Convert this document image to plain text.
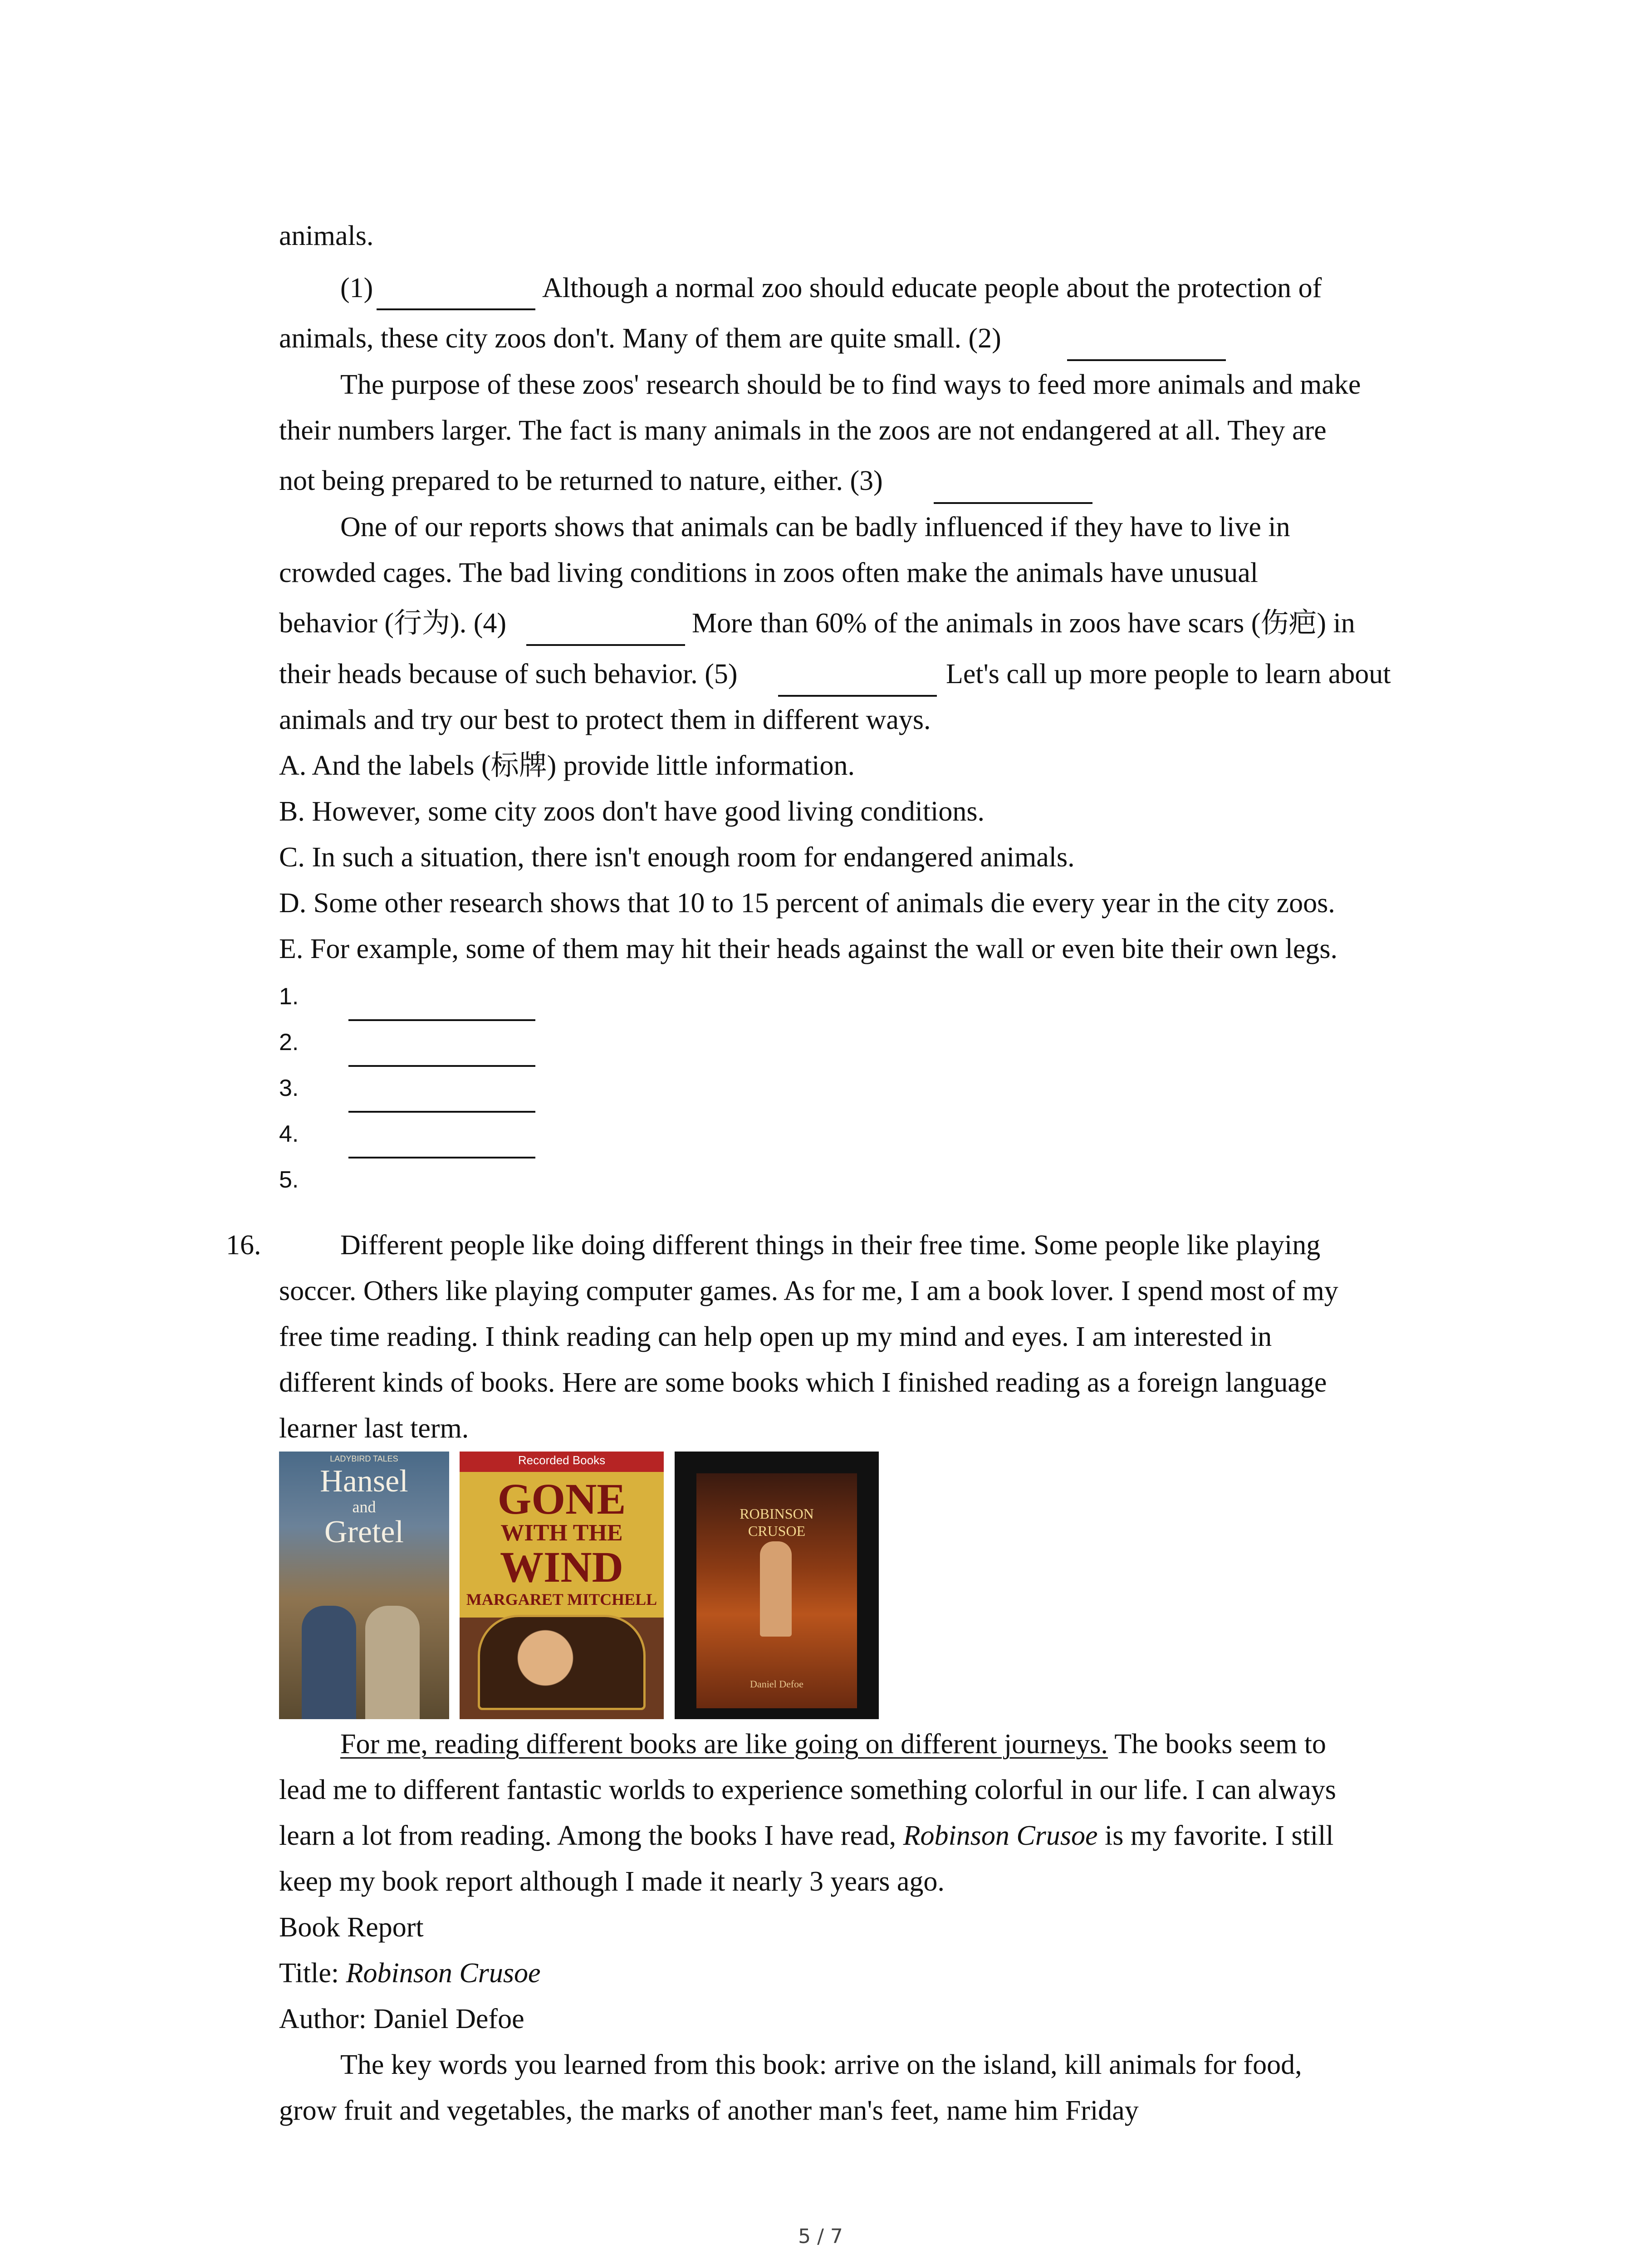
animals.
(1)	Although a normal zoo should educate people about the protection of
animals, these city zoos don't. Many of them are quite small. (2)
The purpose of these zoos' research should be to find ways to feed more animals and make
their numbers larger. The fact is many animals in the zoos are not endangered at all. They are
not being prepared to be returned to nature, either. (3)
One of our reports shows that animals can be badly influenced if they have to live in
crowded cages. The bad living conditions in zoos often make the animals have unusual
behavior (行为). (4)	More than 60% of the animals in zoos have scars (伤疤) in
their heads because of such behavior. (5)	Let's call up more people to learn about
animals and try our best to protect them in different ways.
A. And the labels (标牌) provide little information.
B. However, some city zoos don't have good living conditions.
C. In such a situation, there isn't enough room for endangered animals.
D. Some other research shows that 10 to 15 percent of animals die every year in the city zoos.
E. For example, some of them may hit their heads against the wall or even bite their own legs.
1.
2.
3.
4.
5.
16.	Different people like doing different things in their free time. Some people like playing
soccer. Others like playing computer games. As for me, I am a book lover. I spend most of my
free time reading. I think reading can help open up my mind and eyes. I am interested in
different kinds of books. Here are some books which I finished reading as a foreign language
learner last term.
LADYBIRD TALES
Hansel
and
Gretel
Recorded Books
GONE
WITH THE
WIND
MARGARET MITCHELL
ROBINSON
CRUSOE
Daniel Defoe
For me, reading different books are like going on different journeys. The books seem to
lead me to different fantastic worlds to experience something colorful in our life. I can always
learn a lot from reading. Among the books I have read, Robinson Crusoe is my favorite. I still
keep my book report although I made it nearly 3 years ago.
Book Report
Title: Robinson Crusoe
Author: Daniel Defoe
The key words you learned from this book: arrive on the island, kill animals for food,
grow fruit and vegetables, the marks of another man's feet, name him Friday
5 / 7
